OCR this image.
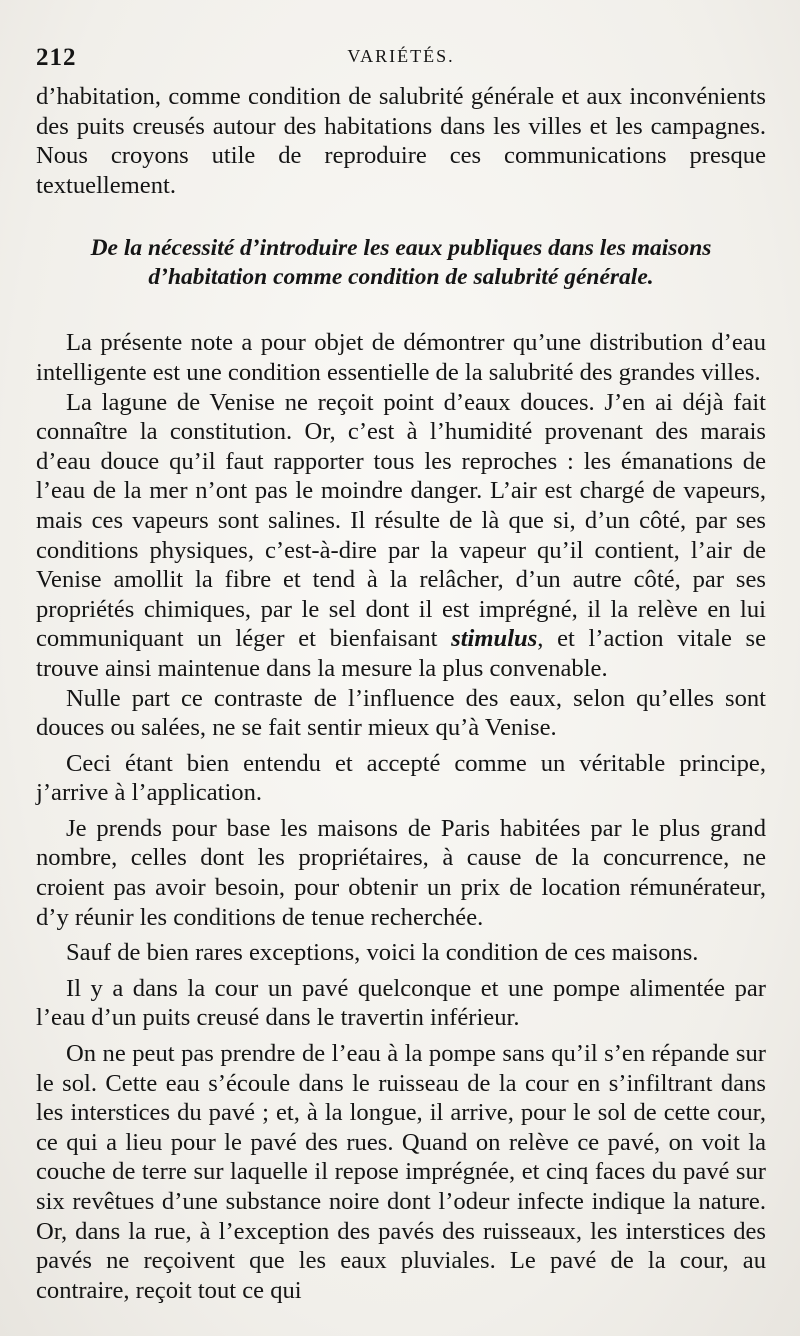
212	VARIÉTÉS.

d’habitation, comme condition de salubrité générale et aux inconvénients des puits creusés autour des habitations dans les villes et les campagnes. Nous croyons utile de reproduire ces communications presque textuellement.

De la nécessité d’introduire les eaux publiques dans les maisons
d’habitation comme condition de salubrité générale.

La présente note a pour objet de démontrer qu’une distribution d’eau intelligente est une condition essentielle de la salubrité des grandes villes.

La lagune de Venise ne reçoit point d’eaux douces. J’en ai déjà fait connaître la constitution. Or, c’est à l’humidité provenant des marais d’eau douce qu’il faut rapporter tous les reproches : les émanations de l’eau de la mer n’ont pas le moindre danger. L’air est chargé de vapeurs, mais ces vapeurs sont salines. Il résulte de là que si, d’un côté, par ses conditions physiques, c’est-à-dire par la vapeur qu’il contient, l’air de Venise amollit la fibre et tend à la relâcher, d’un autre côté, par ses propriétés chimiques, par le sel dont il est imprégné, il la relève en lui communiquant un léger et bienfaisant stimulus, et l’action vitale se trouve ainsi maintenue dans la mesure la plus convenable.

Nulle part ce contraste de l’influence des eaux, selon qu’elles sont douces ou salées, ne se fait sentir mieux qu’à Venise.

Ceci étant bien entendu et accepté comme un véritable principe, j’arrive à l’application.

Je prends pour base les maisons de Paris habitées par le plus grand nombre, celles dont les propriétaires, à cause de la concurrence, ne croient pas avoir besoin, pour obtenir un prix de location rémunérateur, d’y réunir les conditions de tenue recherchée.

Sauf de bien rares exceptions, voici la condition de ces maisons.

Il y a dans la cour un pavé quelconque et une pompe alimentée par l’eau d’un puits creusé dans le travertin inférieur.

On ne peut pas prendre de l’eau à la pompe sans qu’il s’en répande sur le sol. Cette eau s’écoule dans le ruisseau de la cour en s’infiltrant dans les interstices du pavé ; et, à la longue, il arrive, pour le sol de cette cour, ce qui a lieu pour le pavé des rues. Quand on relève ce pavé, on voit la couche de terre sur laquelle il repose imprégnée, et cinq faces du pavé sur six revêtues d’une substance noire dont l’odeur infecte indique la nature. Or, dans la rue, à l’exception des pavés des ruisseaux, les interstices des pavés ne reçoivent que les eaux pluviales. Le pavé de la cour, au contraire, reçoit tout ce qui
